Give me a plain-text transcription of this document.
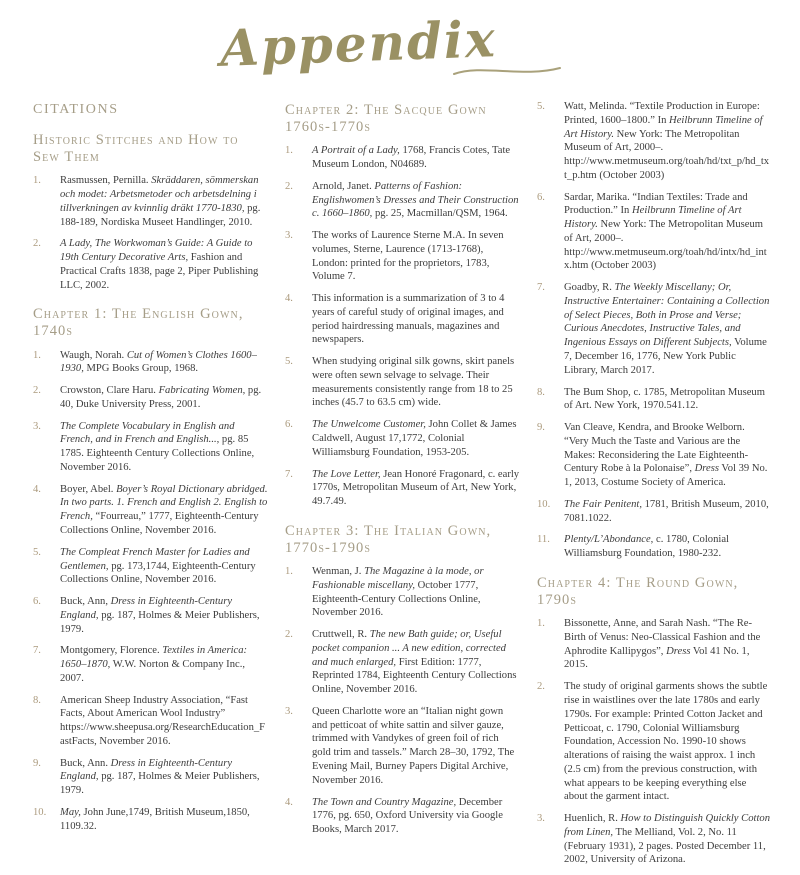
Appendix
CITATIONS
Historic Stitches and How to Sew Them
1.	Rasmussen, Pernilla. Skräddaren, sömmerskan och modet: Arbetsmetoder och arbetsdelning i tillverkningen av kvinnlig dräkt 1770-1830, pg. 188-189, Nordiska Museet Handlinger, 2010.
2.	A Lady, The Workwoman’s Guide: A Guide to 19th Century Decorative Arts, Fashion and Practical Crafts 1838, page 2, Piper Publishing LLC, 2002.
Chapter 1: The English Gown, 1740s
1.	Waugh, Norah. Cut of Women’s Clothes 1600–1930, MPG Books Group, 1968.
2.	Crowston, Clare Haru. Fabricating Women, pg. 40, Duke University Press, 2001.
3.	The Complete Vocabulary in English and French, and in French and English..., pg. 85 1785. Eighteenth Century Collections Online, November 2016.
4.	Boyer, Abel. Boyer’s Royal Dictionary abridged. In two parts. 1. French and English 2. English to French, “Fourreau,” 1777, Eighteenth-Century Collections Online, November 2016.
5.	The Compleat French Master for Ladies and Gentlemen, pg. 173,1744, Eighteenth-Century Collections Online, November 2016.
6.	Buck, Ann, Dress in Eighteenth-Century England, pg. 187, Holmes & Meier Publishers, 1979.
7.	Montgomery, Florence. Textiles in America: 1650–1870, W.W. Norton & Company Inc., 2007.
8.	American Sheep Industry Association, “Fast Facts, About American Wool Industry” https://www.sheepusa.org/ResearchEducation_FastFacts, November 2016.
9.	Buck, Ann. Dress in Eighteenth-Century England, pg. 187, Holmes & Meier Publishers, 1979.
10.	May, John June,1749, British Museum,1850, 1109.32.
Chapter 2: The Sacque Gown 1760s-1770s
1.	A Portrait of a Lady, 1768, Francis Cotes, Tate Museum London, N04689.
2.	Arnold, Janet. Patterns of Fashion: Englishwomen’s Dresses and Their Construction c. 1660–1860, pg. 25, Macmillan/QSM, 1964.
3.	The works of Laurence Sterne M.A. In seven volumes, Sterne, Laurence (1713-1768), London: printed for the proprietors, 1783, Volume 7.
4.	This information is a summarization of 3 to 4 years of careful study of original images, and period hairdressing manuals, magazines and newspapers.
5.	When studying original silk gowns, skirt panels were often sewn selvage to selvage. Their measurements consistently range from 18 to 25 inches (45.7 to 63.5 cm) wide.
6.	The Unwelcome Customer, John Collet & James Caldwell, August 17,1772, Colonial Williamsburg Foundation, 1953-205.
7.	The Love Letter, Jean Honoré Fragonard, c. early 1770s, Metropolitan Museum of Art, New York, 49.7.49.
Chapter 3: The Italian Gown, 1770s-1790s
1.	Wenman, J. The Magazine à la mode, or Fashionable miscellany, October 1777, Eighteenth-Century Collections Online, November 2016.
2.	Cruttwell, R. The new Bath guide; or, Useful pocket companion ... A new edition, corrected and much enlarged, First Edition: 1777, Reprinted 1784, Eighteenth Century Collections Online, November 2016.
3.	Queen Charlotte wore an “Italian night gown and petticoat of white sattin and silver gauze, trimmed with Vandykes of green foil of rich gold trim and tassels.” March 28–30, 1792, The Evening Mail, Burney Papers Digital Archive, November 2016.
4.	The Town and Country Magazine, December 1776, pg. 650, Oxford University via Google Books, March 2017.
5.	Watt, Melinda. “Textile Production in Europe: Printed, 1600–1800.” In Heilbrunn Timeline of Art History. New York: The Metropolitan Museum of Art, 2000–. http://www.metmuseum.org/toah/hd/txt_p/hd_txt_p.htm (October 2003)
6.	Sardar, Marika. “Indian Textiles: Trade and Production.” In Heilbrunn Timeline of Art History. New York: The Metropolitan Museum of Art, 2000–. http://www.metmuseum.org/toah/hd/intx/hd_intx.htm (October 2003)
7.	Goadby, R. The Weekly Miscellany; Or, Instructive Entertainer: Containing a Collection of Select Pieces, Both in Prose and Verse; Curious Anecdotes, Instructive Tales, and Ingenious Essays on Different Subjects, Volume 7, December 16, 1776, New York Public Library, March 2017.
8.	The Bum Shop, c. 1785, Metropolitan Museum of Art. New York, 1970.541.12.
9.	Van Cleave, Kendra, and Brooke Welborn. “Very Much the Taste and Various are the Makes: Reconsidering the Late Eighteenth-Century Robe à la Polonaise”, Dress Vol 39 No. 1, 2013, Costume Society of America.
10.	The Fair Penitent, 1781, British Museum, 2010, 7081.1022.
11.	Plenty/L’Abondance, c. 1780, Colonial Williamsburg Foundation, 1980-232.
Chapter 4: The Round Gown, 1790s
1.	Bissonette, Anne, and Sarah Nash. “The Re-Birth of Venus: Neo-Classical Fashion and the Aphrodite Kallipygos”, Dress Vol 41 No. 1, 2015.
2.	The study of original garments shows the subtle rise in waistlines over the late 1780s and early 1790s. For example: Printed Cotton Jacket and Petticoat, c. 1790, Colonial Williamsburg Foundation, Accession No. 1990-10 shows alterations of raising the waist approx. 1 inch (2.5 cm) from the previous construction, with what appears to be keeping everything else about the garment intact.
3.	Huenlich, R. How to Distinguish Quickly Cotton from Linen, The Melliand, Vol. 2, No. 11 (February 1931), 2 pages. Posted December 11, 2002, University of Arizona.
